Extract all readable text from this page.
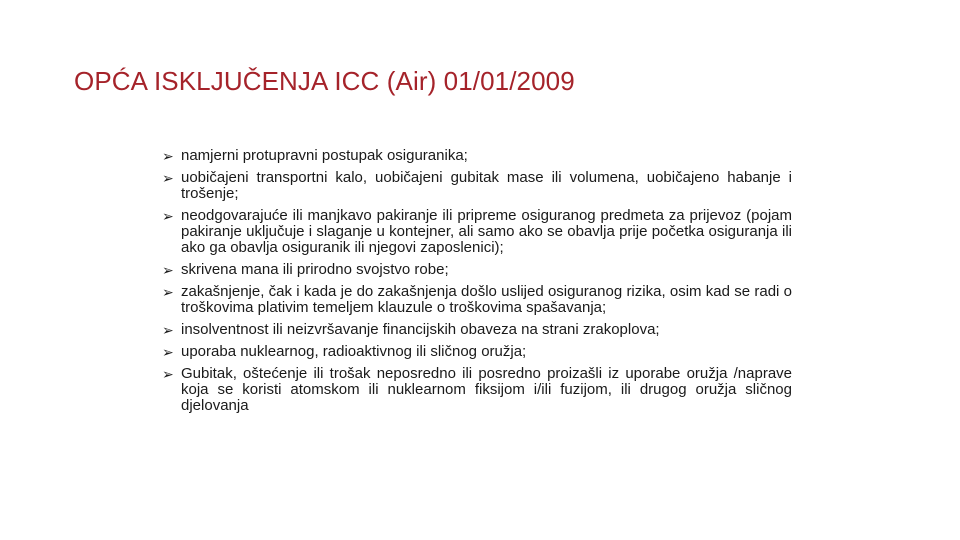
OPĆA ISKLJUČENJA ICC (Air) 01/01/2009
➢ namjerni protupravni postupak osiguranika;
➢ uobičajeni transportni kalo, uobičajeni gubitak mase ili volumena, uobičajeno habanje i trošenje;
➢ neodgovarajuće ili manjkavo pakiranje ili pripreme osiguranog predmeta za prijevoz (pojam pakiranje uključuje i slaganje u kontejner, ali samo ako se obavlja prije početka osiguranja ili ako ga obavlja osiguranik ili njegovi zaposlenici);
➢ skrivena mana ili prirodno svojstvo robe;
➢ zakašnjenje, čak i kada je do zakašnjenja došlo uslijed osiguranog rizika, osim kad se radi o troškovima plativim temeljem klauzule o troškovima spašavanja;
➢ insolventnost ili neizvršavanje financijskih obaveza na strani zrakoplova;
➢ uporaba nuklearnog, radioaktivnog ili sličnog oružja;
➢ Gubitak, oštećenje ili trošak neposredno ili posredno proizašli iz uporabe oružja /naprave koja se koristi atomskom ili nuklearnom fiksijom i/ili fuzijom, ili drugog oružja sličnog djelovanja
